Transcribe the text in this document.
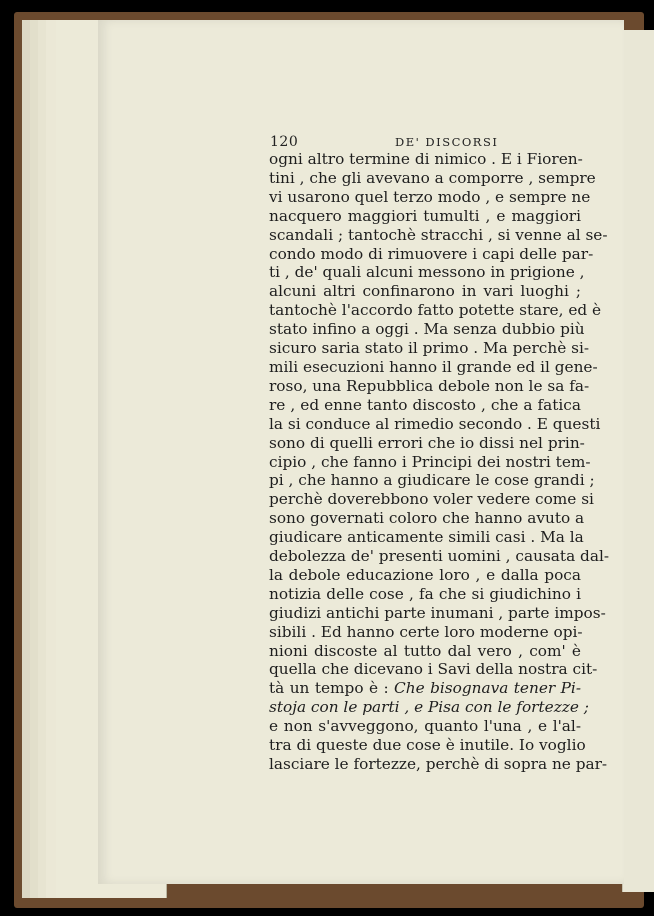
120	DE' DISCORSI
ogni altro termine di nimico . E i Fioren-
tini , che gli avevano a comporre , sempre
vi usarono quel terzo modo , e sempre ne
nacquero maggiori tumulti , e maggiori
scandali ; tantochè stracchi , si venne al se-
condo modo di rimuovere i capi delle par-
ti , de' quali alcuni messono in prigione ,
alcuni altri confinarono in vari luoghi ;
tantochè l'accordo fatto potette stare, ed è
stato infino a oggi . Ma senza dubbio più
sicuro saria stato il primo . Ma perchè si-
mili esecuzioni hanno il grande ed il gene-
roso, una Repubblica debole non le sa fa-
re , ed enne tanto discosto , che a fatica
la si conduce al rimedio secondo . E questi
sono di quelli errori che io dissi nel prin-
cipio , che fanno i Principi dei nostri tem-
pi , che hanno a giudicare le cose grandi ;
perchè doverebbono voler vedere come si
sono governati coloro che hanno avuto a
giudicare anticamente simili casi . Ma la
debolezza de' presenti uomini , causata dal-
la debole educazione loro , e dalla poca
notizia delle cose , fa che si giudichino i
giudizi antichi parte inumani , parte impos-
sibili . Ed hanno certe loro moderne opi-
nioni discoste al tutto dal vero , com' è
quella che dicevano i Savi della nostra cit-
tà un tempo è : Che bisognava tener Pi-
stoja con le parti , e Pisa con le fortezze ;
e non s'avveggono, quanto l'una , e l'al-
tra di queste due cose è inutile. Io voglio
lasciare le fortezze, perchè di sopra ne par-
